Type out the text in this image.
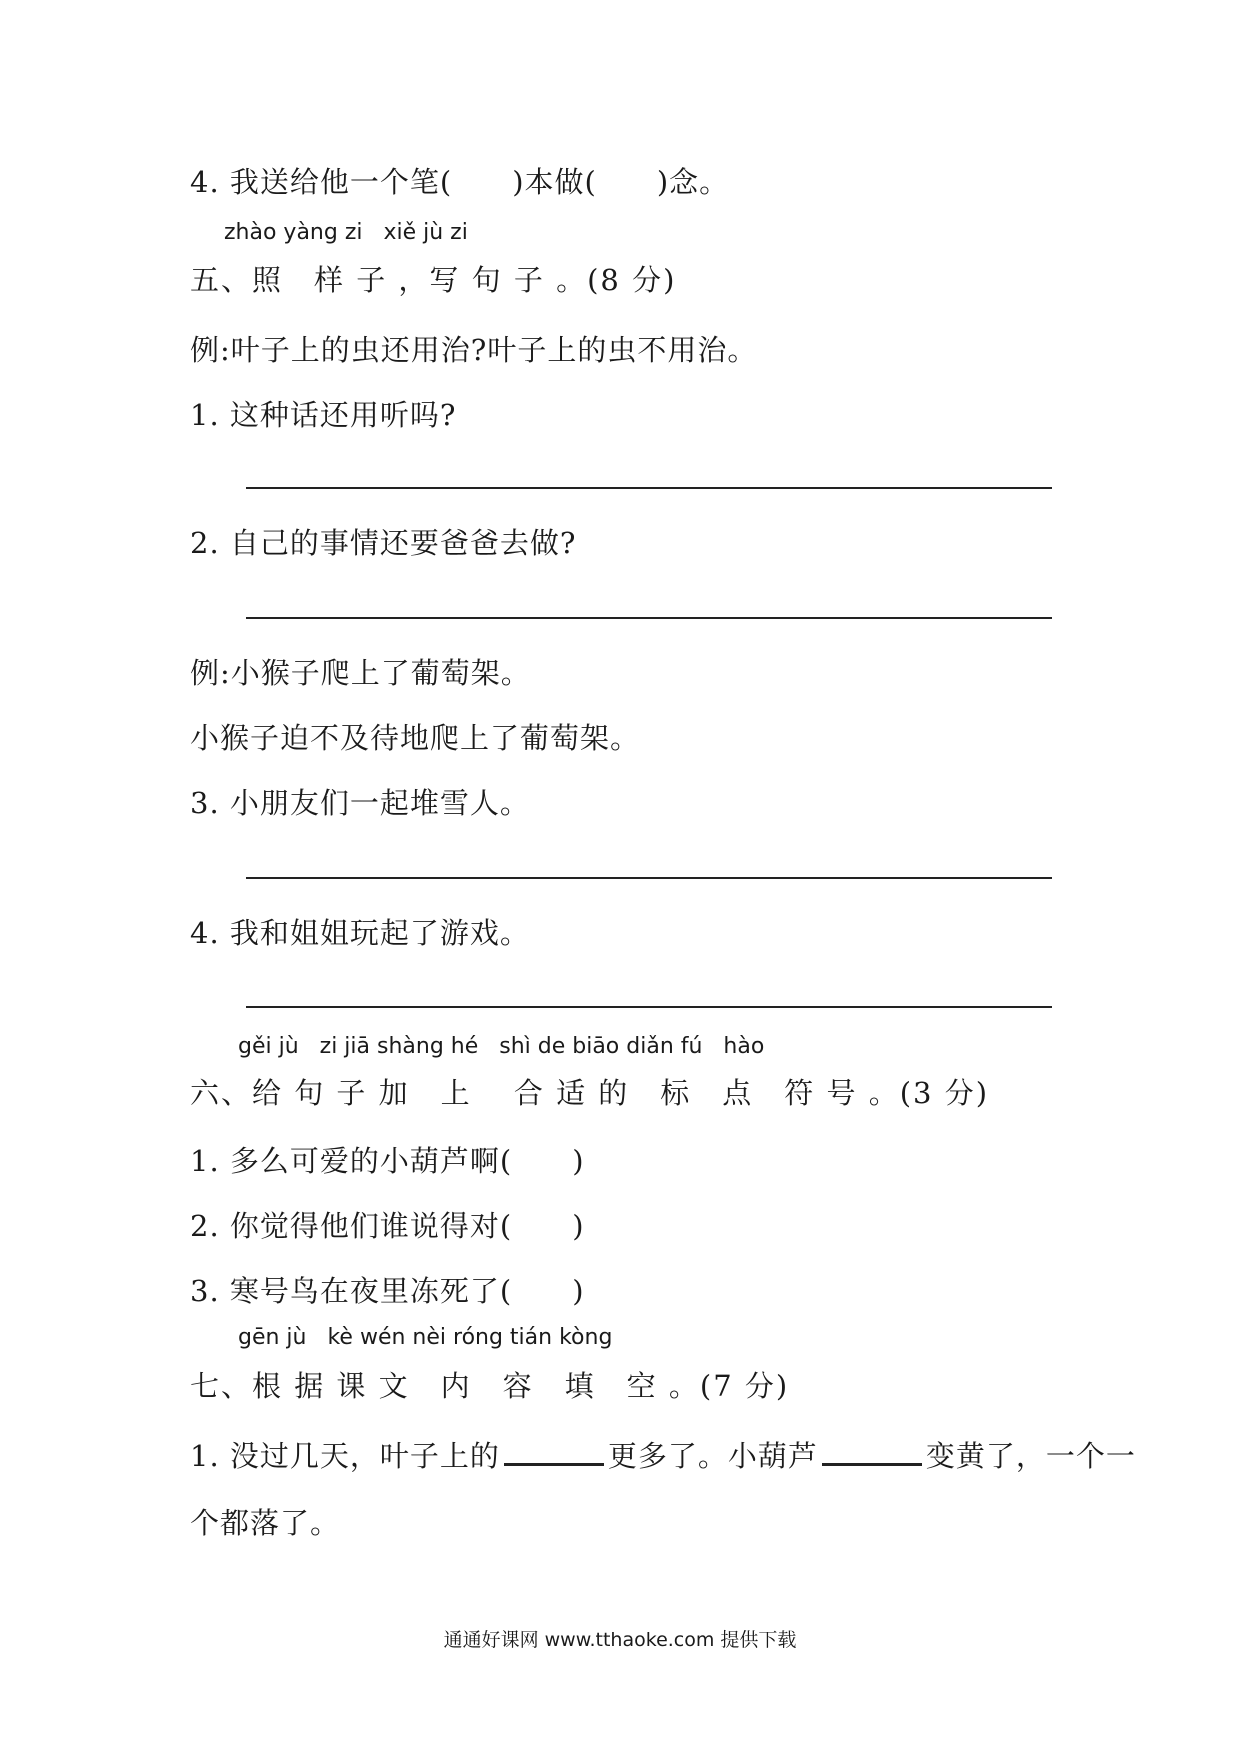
4. 我送给他一个笔(　　)本做(　　)念。
zhào yàng zi   xiě jù zi
五、照　样 子 ，写 句 子 。(8 分)
例:叶子上的虫还用治?叶子上的虫不用治。
1. 这种话还用听吗?
2. 自己的事情还要爸爸去做?
例:小猴子爬上了葡萄架。
小猴子迫不及待地爬上了葡萄架。
3. 小朋友们一起堆雪人。
4. 我和姐姐玩起了游戏。
gěi jù   zi jiā shàng hé   shì de biāo diǎn fú   hào
六、给 句 子 加　上　 合 适 的　标　点　符 号 。(3 分)
1. 多么可爱的小葫芦啊(　　)
2. 你觉得他们谁说得对(　　)
3. 寒号鸟在夜里冻死了(　　)
gēn jù   kè wén nèi róng tián kòng
七、根 据 课 文　内　容　填　空 。(7 分)
1. 没过几天，叶子上的	更多了。小葫芦	变黄了，一个一
个都落了。
通通好课网 www.tthaoke.com 提供下载
